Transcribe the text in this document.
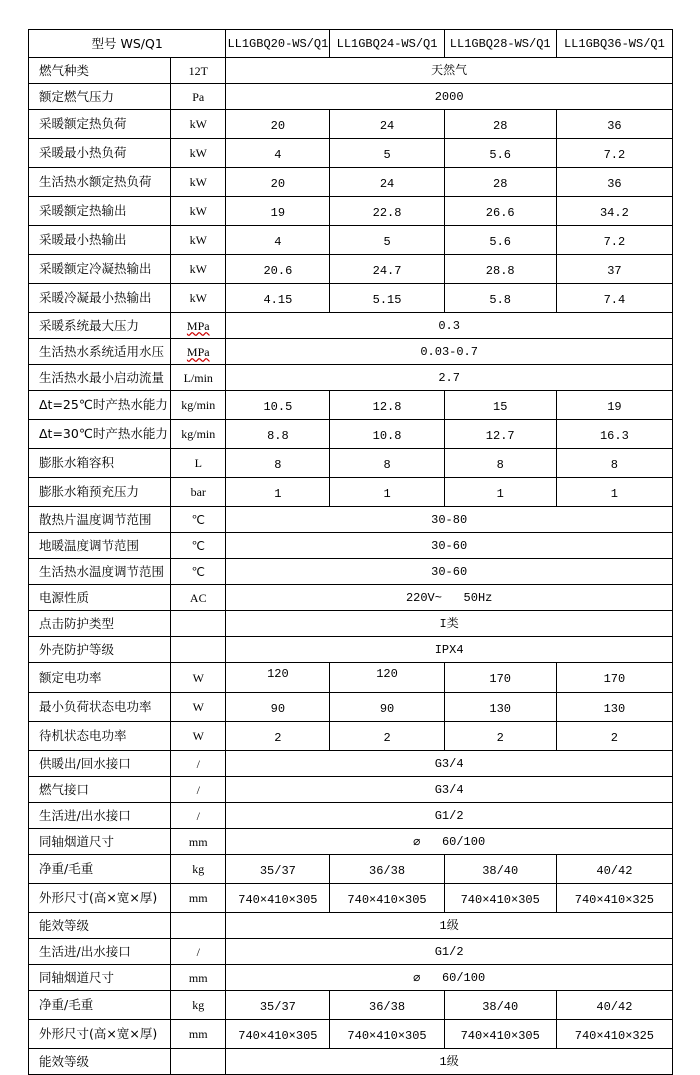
型号 WS/Q1		LL1GBQ20-WS/Q1	LL1GBQ24-WS/Q1	LL1GBQ28-WS/Q1	LL1GBQ36-WS/Q1
燃气种类	12T	天然气			
额定燃气压力	Pa	2000			
采暖额定热负荷	kW	20	24	28	36
采暖最小热负荷	kW	4	5	5.6	7.2
生活热水额定热负荷	kW	20	24	28	36
采暖额定热输出	kW	19	22.8	26.6	34.2
采暖最小热输出	kW	4	5	5.6	7.2
采暖额定冷凝热输出	kW	20.6	24.7	28.8	37
采暖冷凝最小热输出	kW	4.15	5.15	5.8	7.4
采暖系统最大压力	MPa	0.3			
生活热水系统适用水压	MPa	0.03-0.7			
生活热水最小启动流量	L/min	2.7			
Δt=25℃时产热水能力	kg/min	10.5	12.8	15	19
Δt=30℃时产热水能力	kg/min	8.8	10.8	12.7	16.3
膨胀水箱容积	L	8	8	8	8
膨胀水箱预充压力	bar	1	1	1	1
散热片温度调节范围	℃	30-80			
地暖温度调节范围	℃	30-60			
生活热水温度调节范围	℃	30-60			
电源性质	AC	220V~   50Hz			
点击防护类型		I类			
外壳防护等级		IPX4			
额定电功率	W	120	120	170	170
最小负荷状态电功率	W	90	90	130	130
待机状态电功率	W	2	2	2	2
供暖出/回水接口	/	G3/4			
燃气接口	/	G3/4			
生活进/出水接口	/	G1/2			
同轴烟道尺寸	mm	⌀   60/100			
净重/毛重	kg	35/37	36/38	38/40	40/42
外形尺寸(高×宽×厚)	mm	740×410×305	740×410×305	740×410×305	740×410×325
能效等级		1级			
生活进/出水接口	/	G1/2			
同轴烟道尺寸	mm	⌀   60/100			
净重/毛重	kg	35/37	36/38	38/40	40/42
外形尺寸(高×宽×厚)	mm	740×410×305	740×410×305	740×410×305	740×410×325
能效等级		1级			
